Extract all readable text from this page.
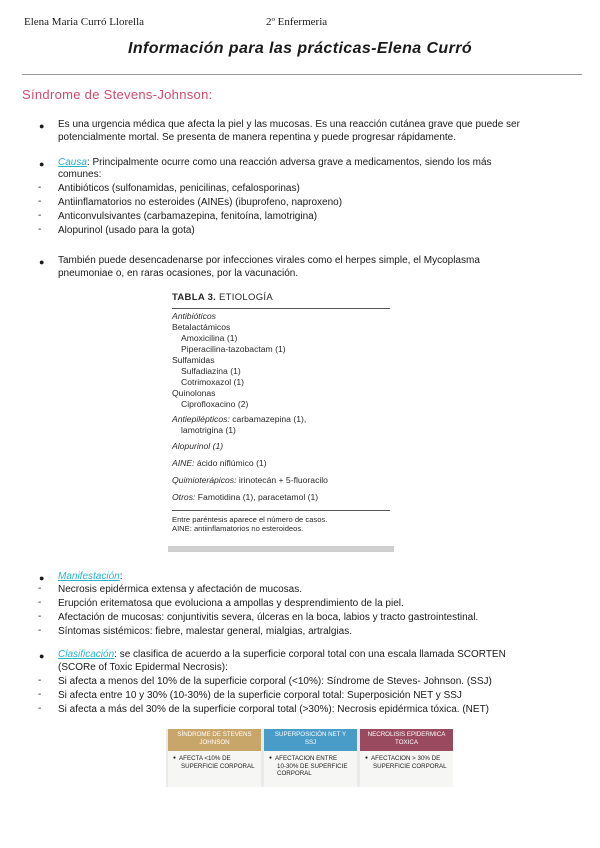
Elena Maria Curró Llorella	2º Enfermeria
Información para las prácticas-Elena Curró
Síndrome de Stevens-Johnson:
● Es una urgencia médica que afecta la piel y las mucosas. Es una reacción cutánea grave que puede ser
potencialmente mortal. Se presenta de manera repentina y puede progresar rápidamente.
● Causa: Principalmente ocurre como una reacción adversa grave a medicamentos, siendo los más
comunes:
- Antibióticos (sulfonamidas, penicilinas, cefalosporinas)
- Antiinflamatorios no esteroides (AINEs) (ibuprofeno, naproxeno)
- Anticonvulsivantes (carbamazepina, fenitoína, lamotrigina)
- Alopurinol (usado para la gota)
● También puede desencadenarse por infecciones virales como el herpes simple, el Mycoplasma
pneumoniae o, en raras ocasiones, por la vacunación.
TABLA 3. ETIOLOGÍA
Antibióticos
Betalactámicos
Amoxicilina (1)
Piperacilina-tazobactam (1)
Sulfamidas
Sulfadiazina (1)
Cotrimoxazol (1)
Quinolonas
Ciprofloxacino (2)
Antiepilépticos: carbamazepina (1),
lamotrigina (1)
Alopurinol (1)
AINE: ácido niflúmico (1)
Quimioterápicos: irinotecán + 5-fluoracilo
Otros: Famotidina (1), paracetamol (1)
Entre paréntesis aparece el número de casos.
AINE: antiinflamatorios no esteroideos.
● Manifestación:
- Necrosis epidérmica extensa y afectación de mucosas.
- Erupción eritematosa que evoluciona a ampollas y desprendimiento de la piel.
- Afectación de mucosas: conjuntivitis severa, úlceras en la boca, labios y tracto gastrointestinal.
- Síntomas sistémicos: fiebre, malestar general, mialgias, artralgias.
● Clasificación: se clasifica de acuerdo a la superficie corporal total con una escala llamada SCORTEN
(SCORe of Toxic Epidermal Necrosis):
- Si afecta a menos del 10% de la superficie corporal (<10%): Síndrome de Steves- Johnson. (SSJ)
- Si afecta entre 10 y 30% (10-30%) de la superficie corporal total: Superposición NET y SSJ
- Si afecta a más del 30% de la superficie corporal total (>30%): Necrosis epidérmica tóxica. (NET)
SÍNDROME DE STEVENS
JOHNSON
● AFECTA <10% DE
SUPERFICIE CORPORAL
SUPERPOSICIÓN NET Y
SSJ
● AFECTACION ENTRE
10-30% DE SUPERFICIE
CORPORAL
NECROLISIS EPIDERMICA
TOXICA
● AFECTACION > 30% DE
SUPERFICIE CORPORAL
